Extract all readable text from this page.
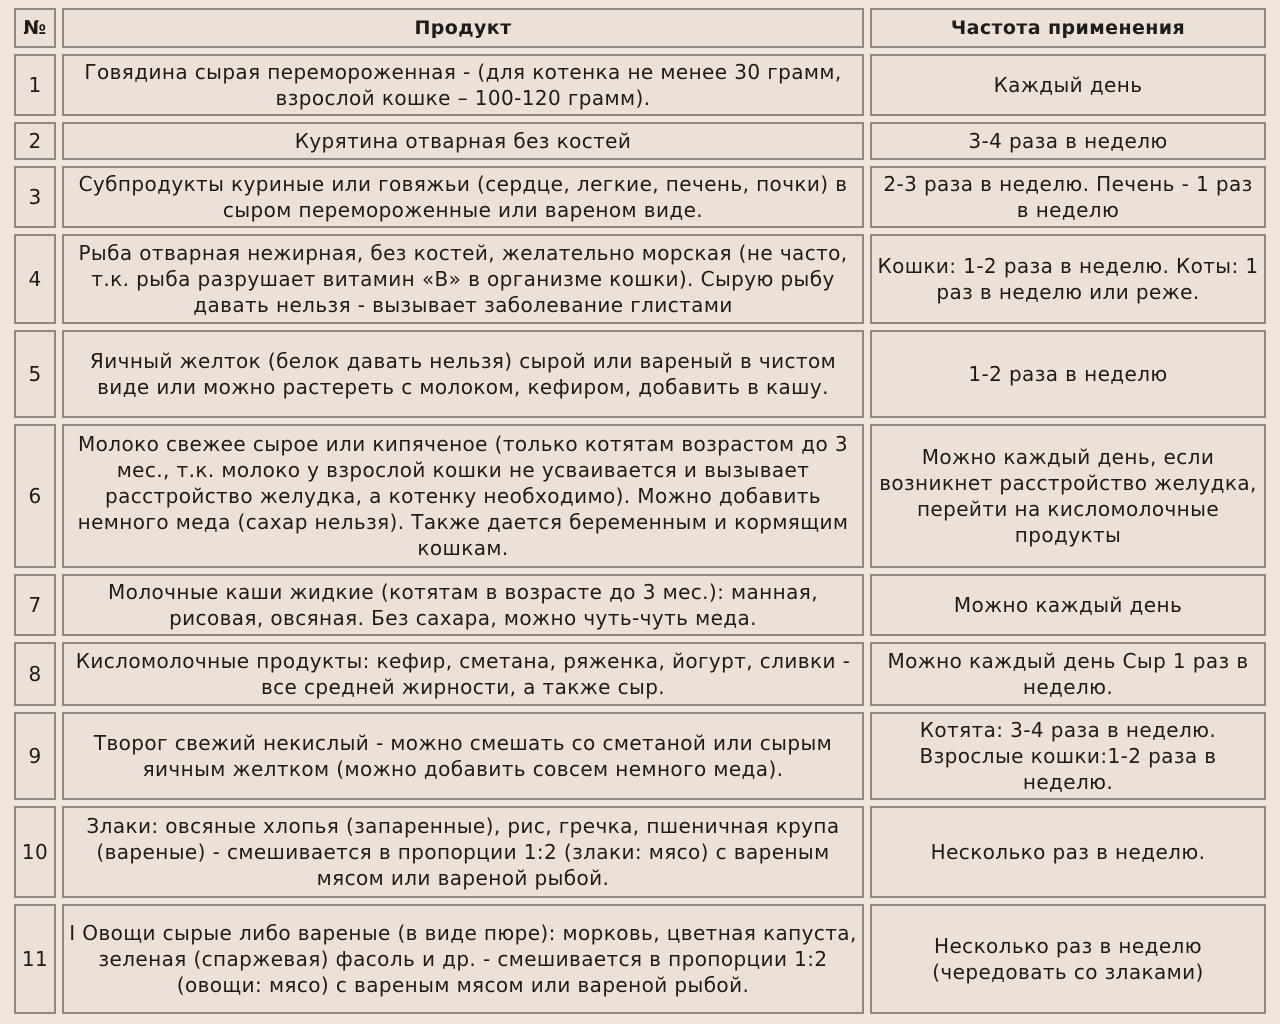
№	Продукт	Частота применения
1	Говядина сырая перемороженная - (для котенка не менее 30 грамм, взрослой кошке – 100-120 грамм).	Каждый день
2	Курятина отварная без костей	3-4 раза в неделю
3	Субпродукты куриные или говяжьи (сердце, легкие, печень, почки) в сыром перемороженные или вареном виде.	2-3 раза в неделю. Печень - 1 раз в неделю
4	Рыба отварная нежирная, без костей, желательно морская (не часто, т.к. рыба разрушает витамин «В» в организме кошки). Сырую рыбу давать нельзя - вызывает заболевание глистами	Кошки: 1-2 раза в неделю. Коты: 1 раз в неделю или реже.
5	Яичный желток (белок давать нельзя) сырой или вареный в чистом виде или можно растереть с молоком, кефиром, добавить в кашу.	1-2 раза в неделю
6	Молоко свежее сырое или кипяченое (только котятам возрастом до 3 мес., т.к. молоко у взрослой кошки не усваивается и вызывает расстройство желудка, а котенку необходимо). Можно добавить немного меда (сахар нельзя). Также дается беременным и кормящим кошкам.	Можно каждый день, если возникнет расстройство желудка, перейти на кисломолочные продукты
7	Молочные каши жидкие (котятам в возрасте до 3 мес.): манная, рисовая, овсяная. Без сахара, можно чуть-чуть меда.	Можно каждый день
8	Кисломолочные продукты: кефир, сметана, ряженка, йогурт, сливки - все средней жирности, а также сыр.	Можно каждый день Сыр 1 раз в неделю.
9	Творог свежий некислый - можно смешать со сметаной или сырым яичным желтком (можно добавить совсем немного меда).	Котята: 3-4 раза в неделю. Взрослые кошки:1-2 раза в неделю.
10	Злаки: овсяные хлопья (запаренные), рис, гречка, пшеничная крупа (вареные) - смешивается в пропорции 1:2 (злаки: мясо) с вареным мясом или вареной рыбой.	Несколько раз в неделю.
11	I Овощи сырые либо вареные (в виде пюре): морковь, цветная капуста, зеленая (спаржевая) фасоль и др. - смешивается в пропорции 1:2 (овощи: мясо) с вареным мясом или вареной рыбой.	Несколько раз в неделю (чередовать со злаками)
